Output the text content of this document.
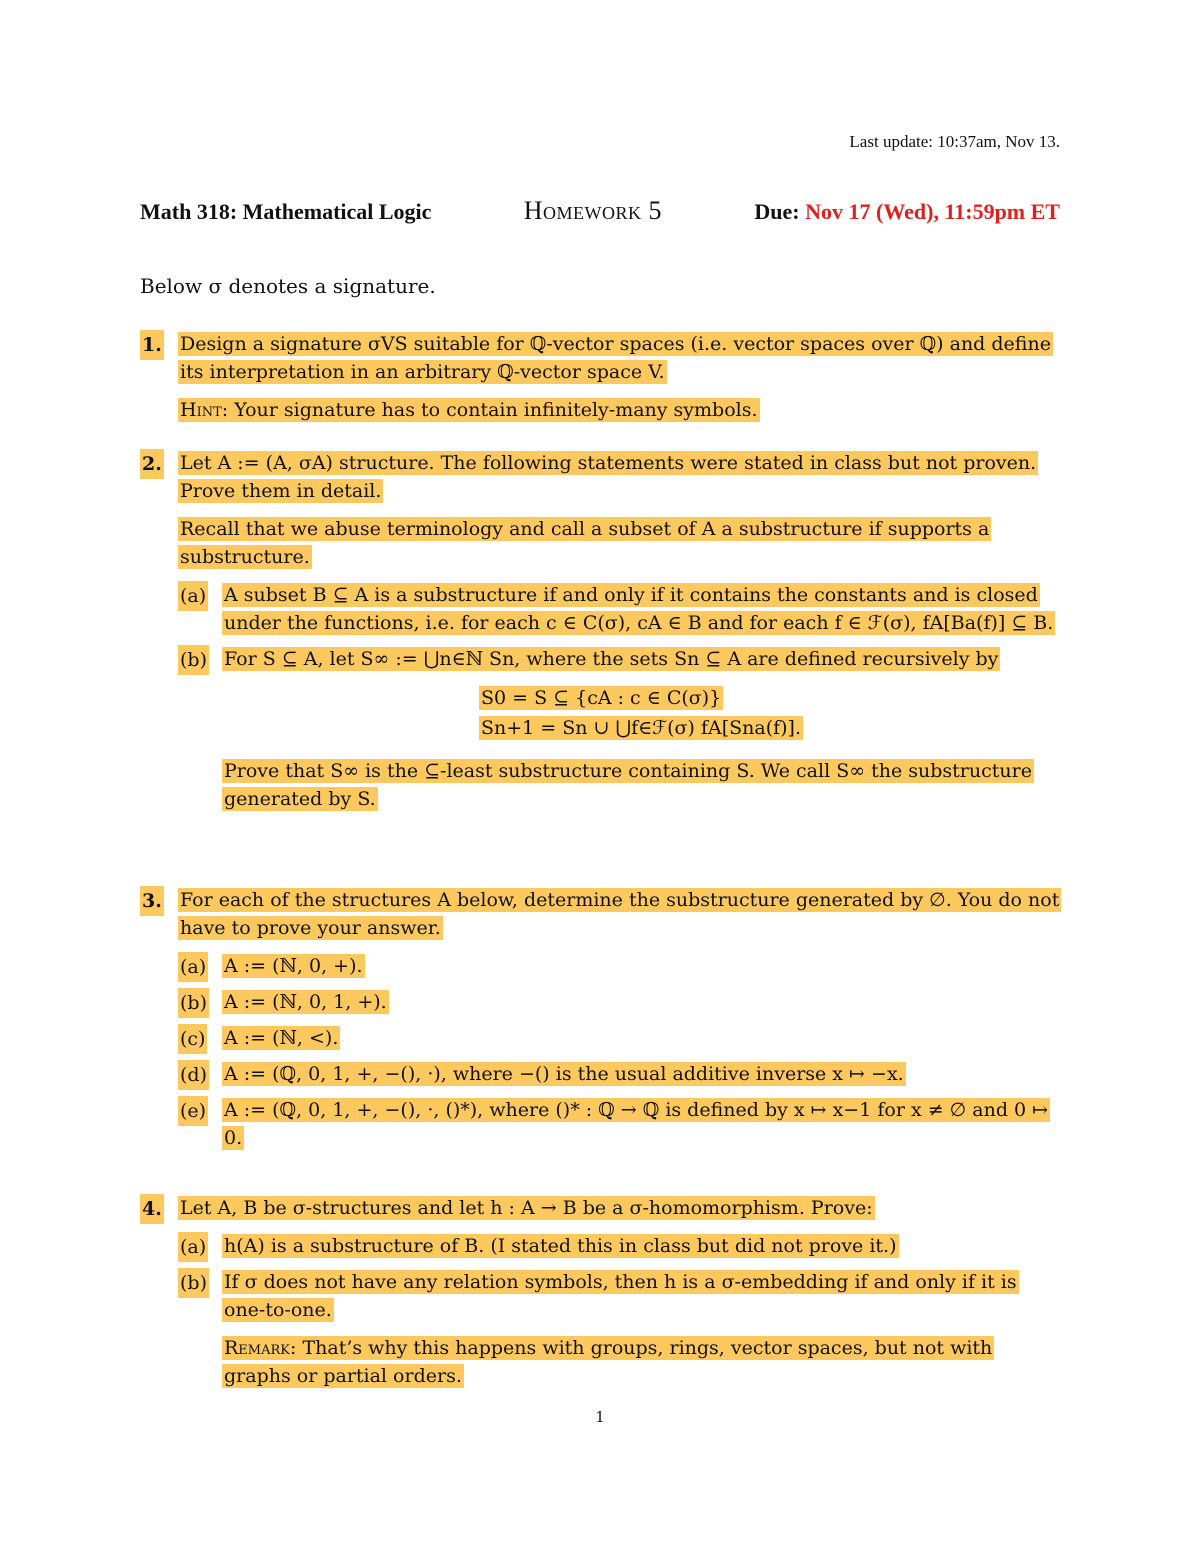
Last update: 10:37am, Nov 13.
Math 318: Mathematical Logic	Homework 5	Due: Nov 17 (Wed), 11:59pm ET
Below σ denotes a signature.
1. Design a signature σVS suitable for ℚ-vector spaces (i.e. vector spaces over ℚ) and define its interpretation in an arbitrary ℚ-vector space V.

Hint: Your signature has to contain infinitely-many symbols.

2. Let A := (A, σA) structure. The following statements were stated in class but not proven. Prove them in detail.

Recall that we abuse terminology and call a subset of A a substructure if supports a substructure.

(a) A subset B ⊆ A is a substructure if and only if it contains the constants and is closed under the functions, i.e. for each c ∈ C(σ), cA ∈ B and for each f ∈ ℱ(σ), fA[Ba(f)] ⊆ B.
(b) For S ⊆ A, let S∞ := ⋃n∈ℕ Sn, where the sets Sn ⊆ A are defined recursively by
S0 = S ⊆ {cA : c ∈ C(σ)}
Sn+1 = Sn ∪ ⋃f∈ℱ(σ) fA[Sna(f)].
Prove that S∞ is the ⊆-least substructure containing S. We call S∞ the substructure generated by S.
3. For each of the structures A below, determine the substructure generated by ∅. You do not have to prove your answer.

(a) A := (ℕ, 0, +).
(b) A := (ℕ, 0, 1, +).
(c) A := (ℕ, <).
(d) A := (ℚ, 0, 1, +, −(), ·), where −() is the usual additive inverse x ↦ −x.
(e) A := (ℚ, 0, 1, +, −(), ·, ()*), where ()* : ℚ → ℚ is defined by x ↦ x−1 for x ≠ ∅ and 0 ↦ 0.
4. Let A, B be σ-structures and let h : A → B be a σ-homomorphism. Prove:

(a) h(A) is a substructure of B. (I stated this in class but did not prove it.)
(b) If σ does not have any relation symbols, then h is a σ-embedding if and only if it is one-to-one.

Remark: That’s why this happens with groups, rings, vector spaces, but not with graphs or partial orders.

1
